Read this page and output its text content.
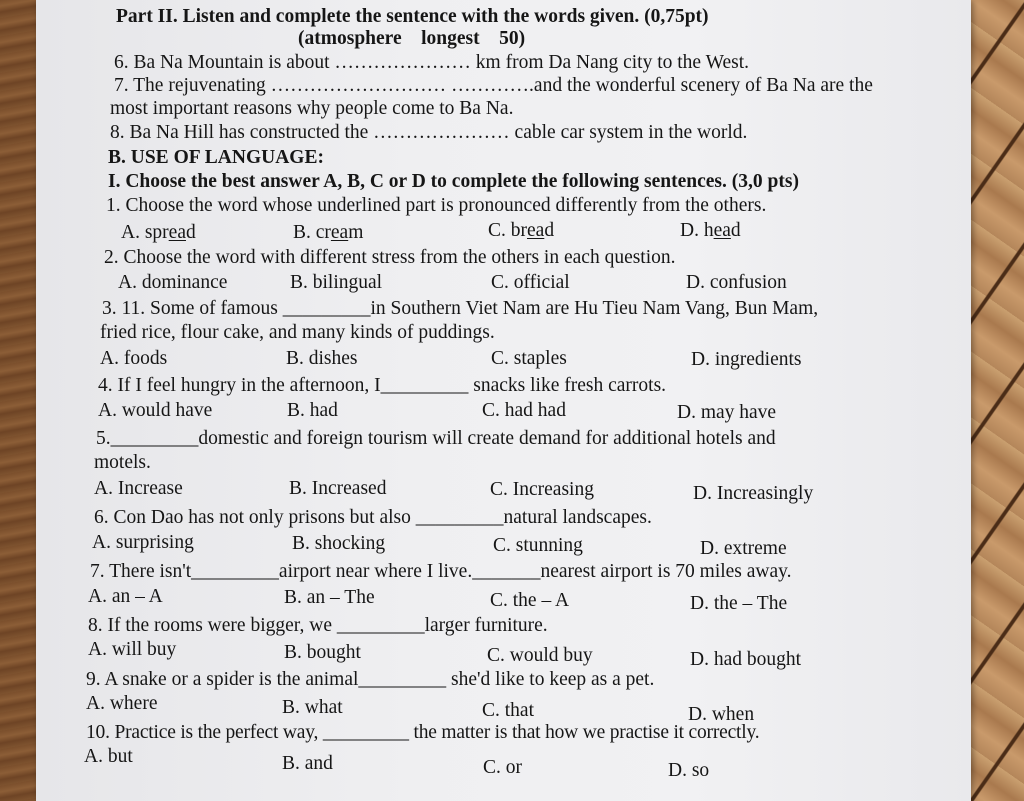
Part II. Listen and complete the sentence with the words given. (0,75pt)
(atmosphere    longest    50)
6. Ba Na Mountain is about ………………… km from Da Nang city to the West.
7. The rejuvenating ……………………… ………….and the wonderful scenery of Ba Na are the
most important reasons why people come to Ba Na.
8. Ba Na Hill has constructed the ………………… cable car system in the world.
B. USE OF LANGUAGE:
I. Choose the best answer A, B, C or D to complete the following sentences. (3,0 pts)
1. Choose the word whose underlined part is pronounced differently from the others.
A. spread	B. cream	C. bread	D. head
2. Choose the word with different stress from the others in each question.
A. dominance	B. bilingual	C. official	D. confusion
3. 11. Some of famous _________in Southern Viet Nam are Hu Tieu Nam Vang, Bun Mam,
fried rice, flour cake, and many kinds of puddings.
A. foods	B. dishes	C. staples	D. ingredients
4. If I feel hungry in the afternoon, I_________ snacks like fresh carrots.
A. would have	B. had	C. had had	D. may have
5._________domestic and foreign tourism will create demand for additional hotels and
motels.
A. Increase	B. Increased	C. Increasing	D. Increasingly
6. Con Dao has not only prisons but also _________natural landscapes.
A. surprising	B. shocking	C. stunning	D. extreme
7. There isn't_________airport near where I live._______nearest airport is 70 miles away.
A. an – A	B. an – The	C. the – A	D. the – The
8. If the rooms were bigger, we _________larger furniture.
A. will buy	B. bought	C. would buy	D. had bought
9. A snake or a spider is the animal_________ she'd like to keep as a pet.
A. where	B. what	C. that	D. when
10. Practice is the perfect way, _________ the matter is that how we practise it correctly.
A. but	B. and	C. or	D. so
